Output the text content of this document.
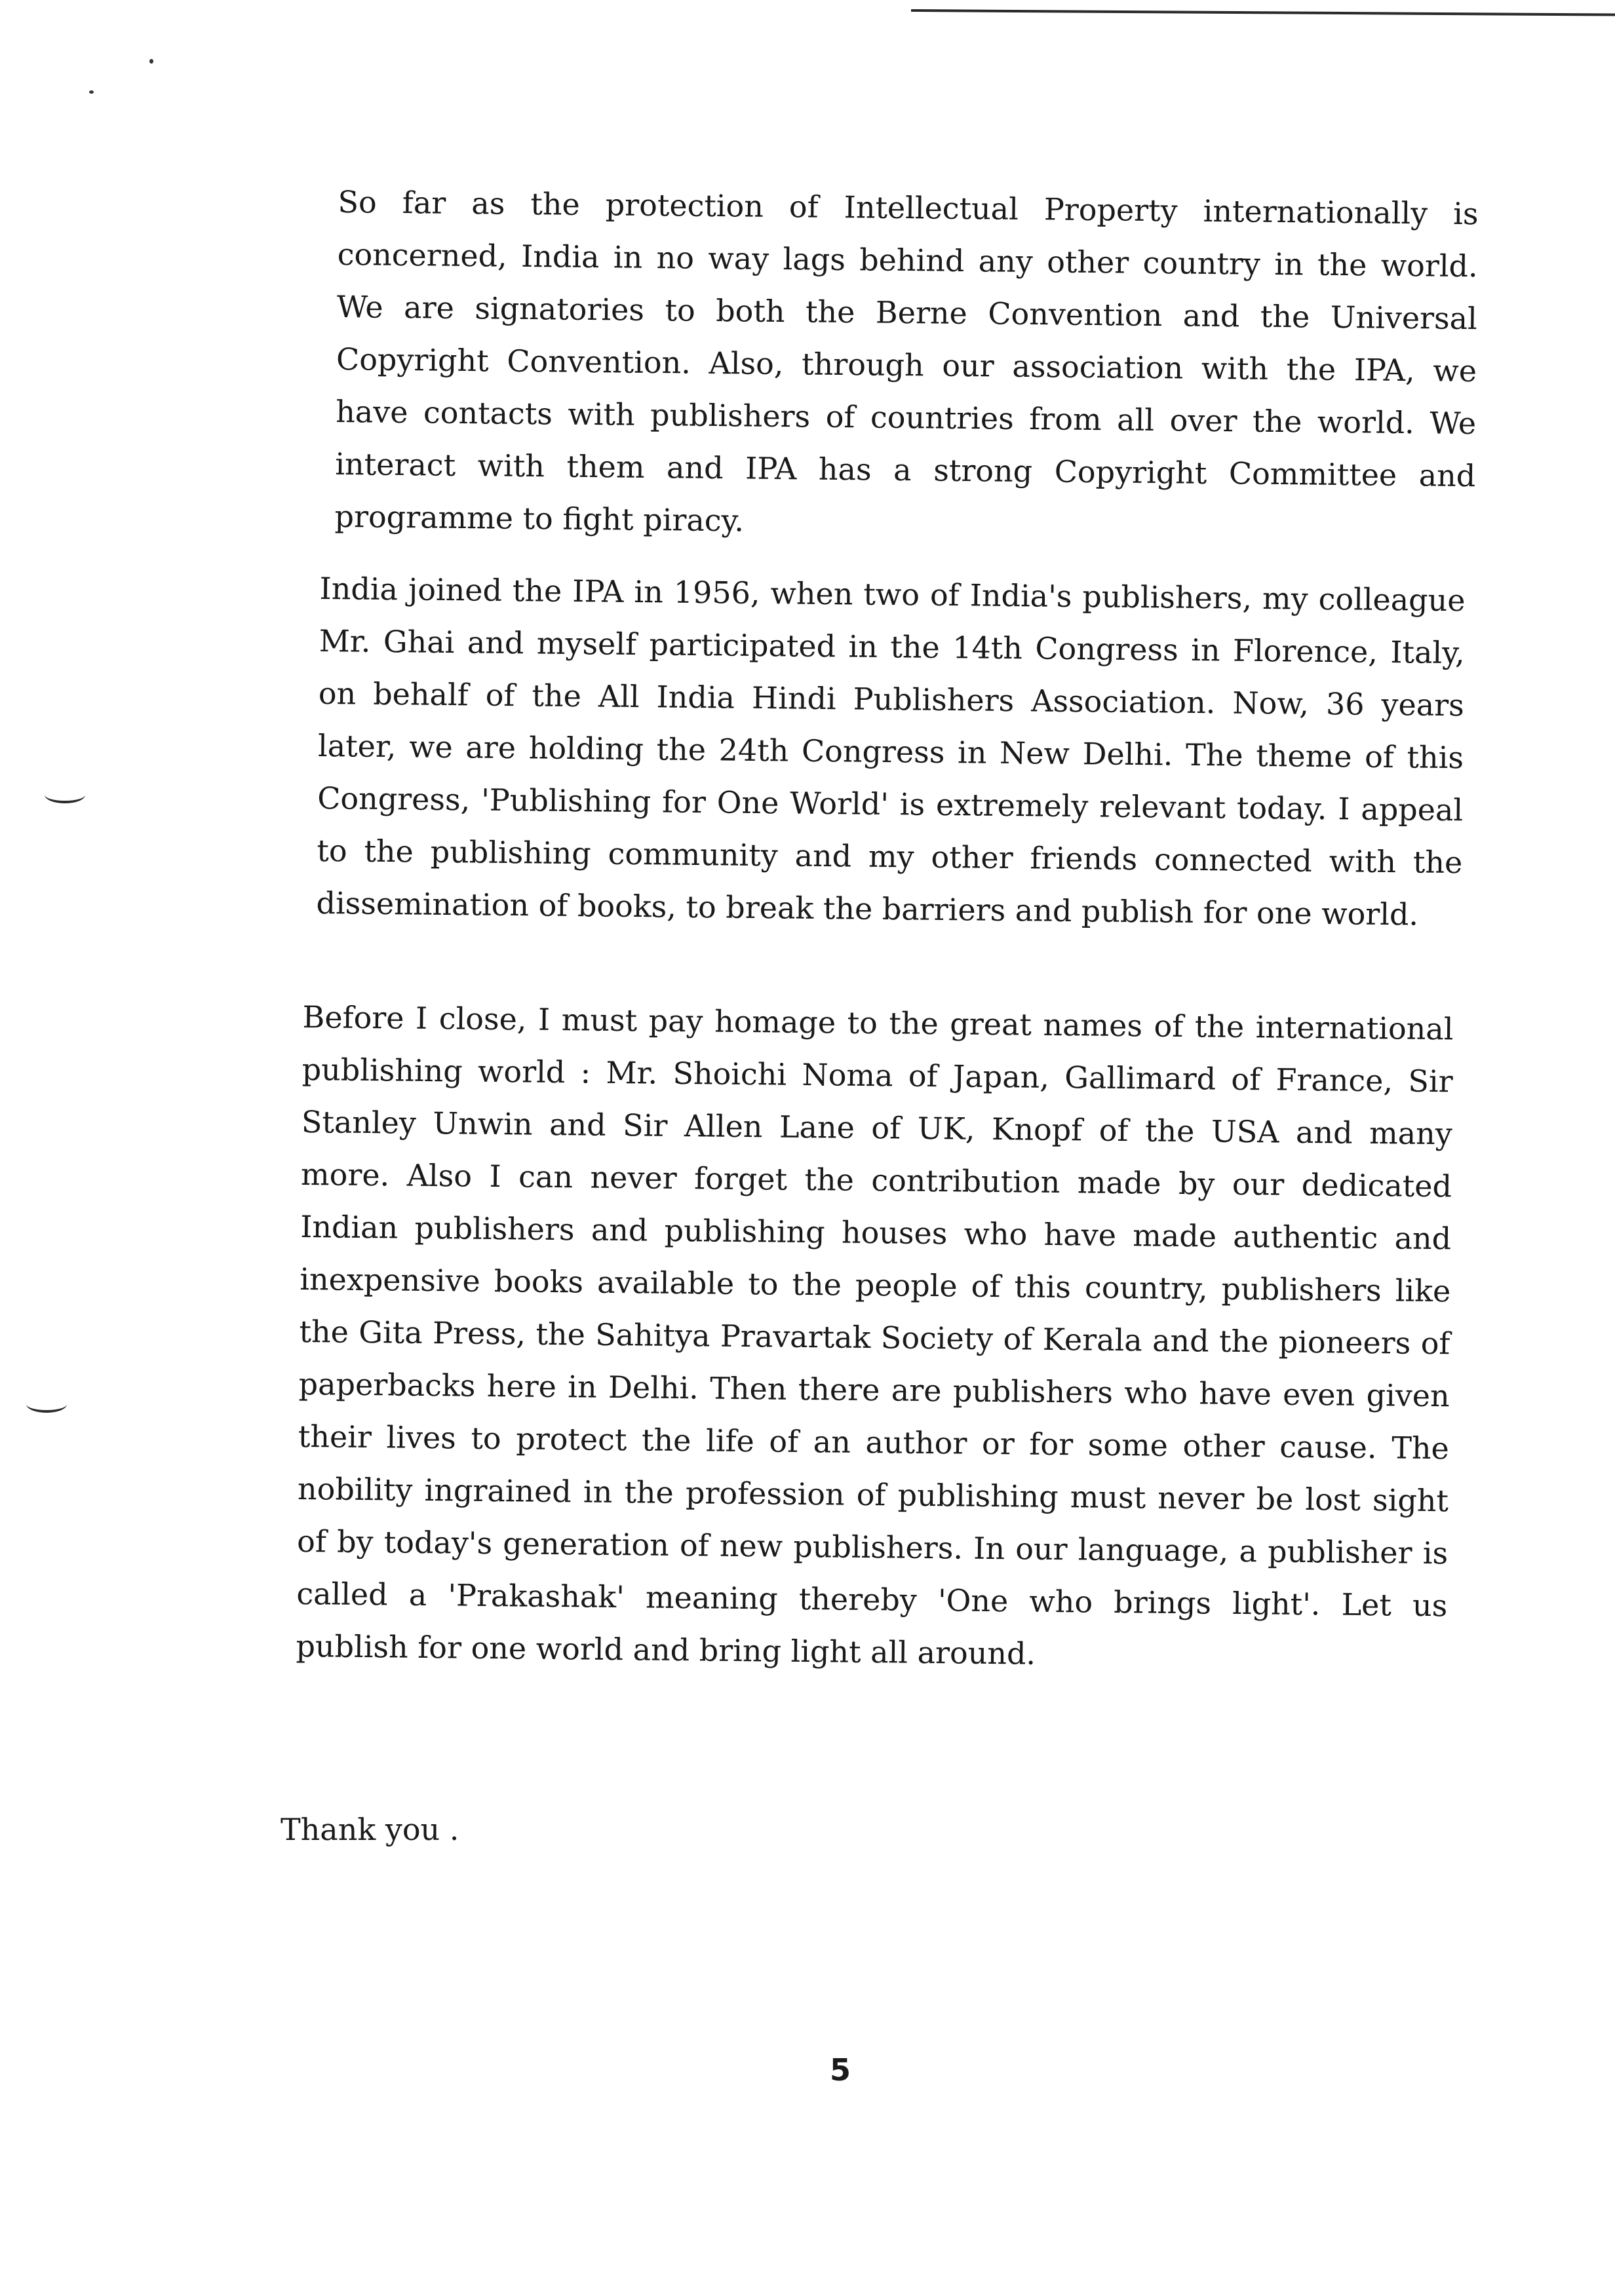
So far as the protection of Intellectual Property internationally is concerned, India in no way lags behind any other country in the world. We are signatories to both the Berne Convention and the Universal Copyright Convention. Also, through our association with the IPA, we have contacts with publishers of countries from all over the world. We interact with them and IPA has a strong Copyright Committee and programme to fight piracy.

India joined the IPA in 1956, when two of India's publishers, my colleague Mr. Ghai and myself participated in the 14th Congress in Florence, Italy, on behalf of the All India Hindi Publishers Association. Now, 36 years later, we are holding the 24th Congress in New Delhi. The theme of this Congress, 'Publishing for One World' is extremely relevant today. I appeal to the publishing community and my other friends connected with the dissemination of books, to break the barriers and publish for one world.

Before I close, I must pay homage to the great names of the international publishing world : Mr. Shoichi Noma of Japan, Gallimard of France, Sir Stanley Unwin and Sir Allen Lane of UK, Knopf of the USA and many more. Also I can never forget the contribution made by our dedicated Indian publishers and publishing houses who have made authentic and inexpensive books available to the people of this country, publishers like the Gita Press, the Sahitya Pravartak Society of Kerala and the pioneers of paperbacks here in Delhi. Then there are publishers who have even given their lives to protect the life of an author or for some other cause. The nobility ingrained in the profession of publishing must never be lost sight of by today's generation of new publishers. In our language, a publisher is called a 'Prakashak' meaning thereby 'One who brings light'. Let us publish for one world and bring light all around.

Thank you .

5
